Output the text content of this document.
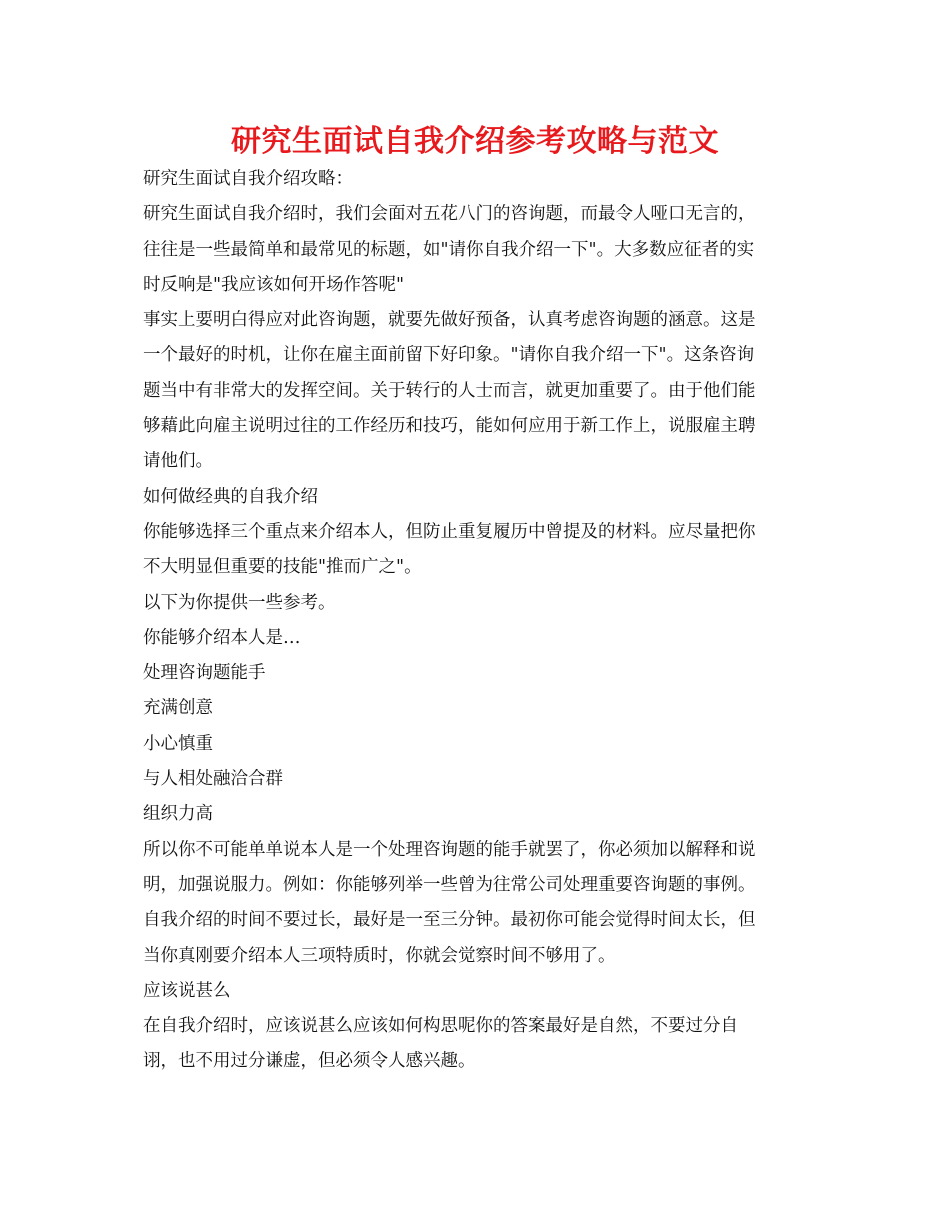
研究生面试自我介绍参考攻略与范文
研究生面试自我介绍攻略：
研究生面试自我介绍时，我们会面对五花八门的咨询题，而最令人哑口无言的，
往往是一些最简单和最常见的标题，如"请你自我介绍一下"。大多数应征者的实
时反响是"我应该如何开场作答呢"
事实上要明白得应对此咨询题，就要先做好预备，认真考虑咨询题的涵意。这是
一个最好的时机，让你在雇主面前留下好印象。"请你自我介绍一下"。这条咨询
题当中有非常大的发挥空间。关于转行的人士而言，就更加重要了。由于他们能
够藉此向雇主说明过往的工作经历和技巧，能如何应用于新工作上，说服雇主聘
请他们。
如何做经典的自我介绍
你能够选择三个重点来介绍本人，但防止重复履历中曾提及的材料。应尽量把你
不大明显但重要的技能"推而广之"。
以下为你提供一些参考。
你能够介绍本人是…
处理咨询题能手
充满创意
小心慎重
与人相处融洽合群
组织力高
所以你不可能单单说本人是一个处理咨询题的能手就罢了，你必须加以解释和说
明，加强说服力。例如：你能够列举一些曾为往常公司处理重要咨询题的事例。
自我介绍的时间不要过长，最好是一至三分钟。最初你可能会觉得时间太长，但
当你真刚要介绍本人三项特质时，你就会觉察时间不够用了。
应该说甚么
在自我介绍时，应该说甚么应该如何构思呢你的答案最好是自然，不要过分自
诩，也不用过分谦虚，但必须令人感兴趣。
